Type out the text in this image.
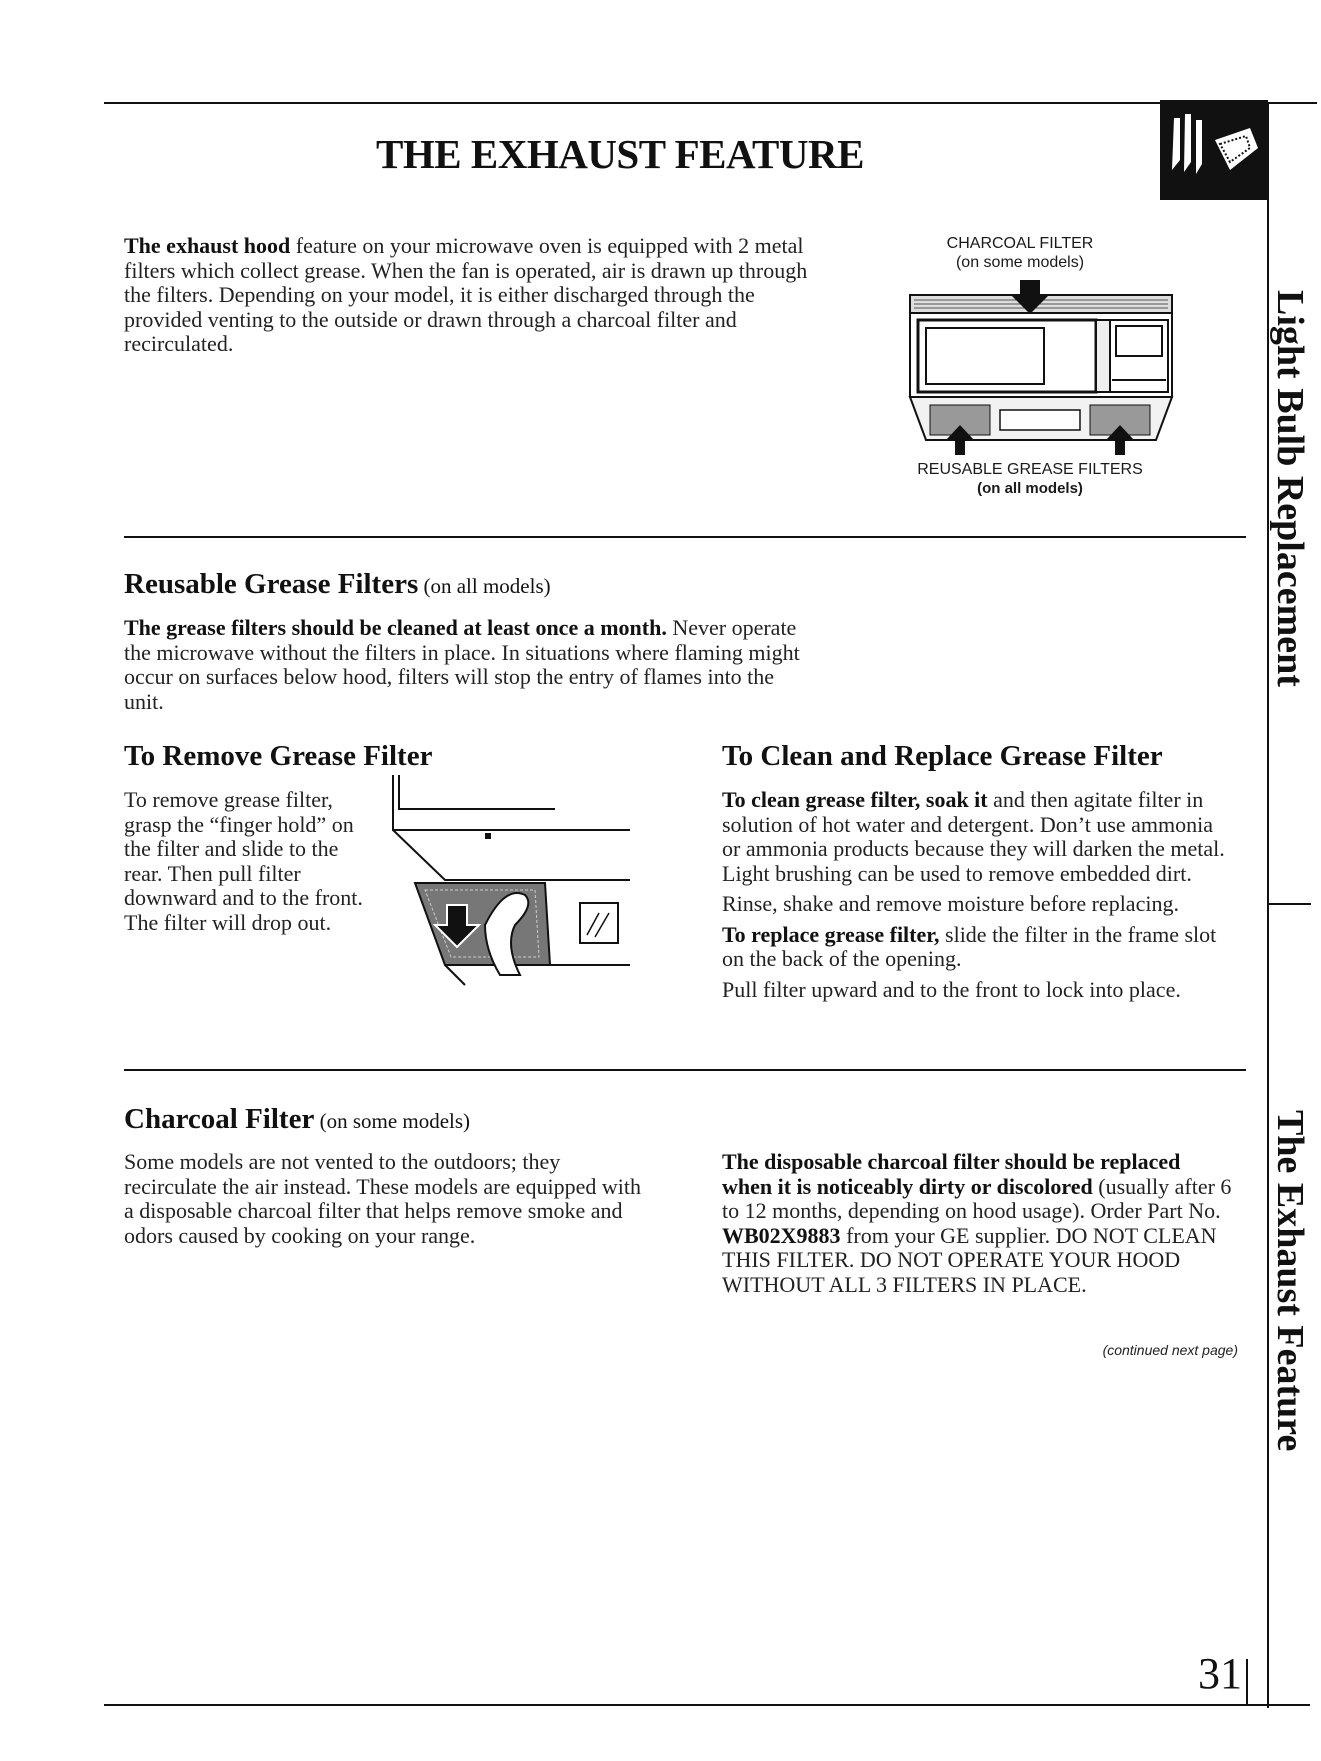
THE EXHAUST FEATURE

The exhaust hood feature on your microwave oven is equipped with 2 metal filters which collect grease. When the fan is operated, air is drawn up through the filters. Depending on your model, it is either discharged through the provided venting to the outside or drawn through a charcoal filter and recirculated.

CHARCOAL FILTER
(on some models)
REUSABLE GREASE FILTERS
(on all models)
Reusable Grease Filters (on all models)

The grease filters should be cleaned at least once a month. Never operate the microwave without the filters in place. In situations where flaming might occur on surfaces below hood, filters will stop the entry of flames into the unit.

To Remove Grease Filter

To remove grease filter, grasp the “finger hold” on the filter and slide to the rear. Then pull filter downward and to the front. The filter will drop out.

To Clean and Replace Grease Filter

To clean grease filter, soak it and then agitate filter in solution of hot water and detergent. Don’t use ammonia or ammonia products because they will darken the metal. Light brushing can be used to remove embedded dirt.

Rinse, shake and remove moisture before replacing.

To replace grease filter, slide the filter in the frame slot on the back of the opening.

Pull filter upward and to the front to lock into place.

Charcoal Filter (on some models)

Some models are not vented to the outdoors; they recirculate the air instead. These models are equipped with a disposable charcoal filter that helps remove smoke and odors caused by cooking on your range.

The disposable charcoal filter should be replaced when it is noticeably dirty or discolored (usually after 6 to 12 months, depending on hood usage). Order Part No. WB02X9883 from your GE supplier. DO NOT CLEAN THIS FILTER. DO NOT OPERATE YOUR HOOD WITHOUT ALL 3 FILTERS IN PLACE.

(continued next page)
Light Bulb Replacement
The Exhaust Feature
31
